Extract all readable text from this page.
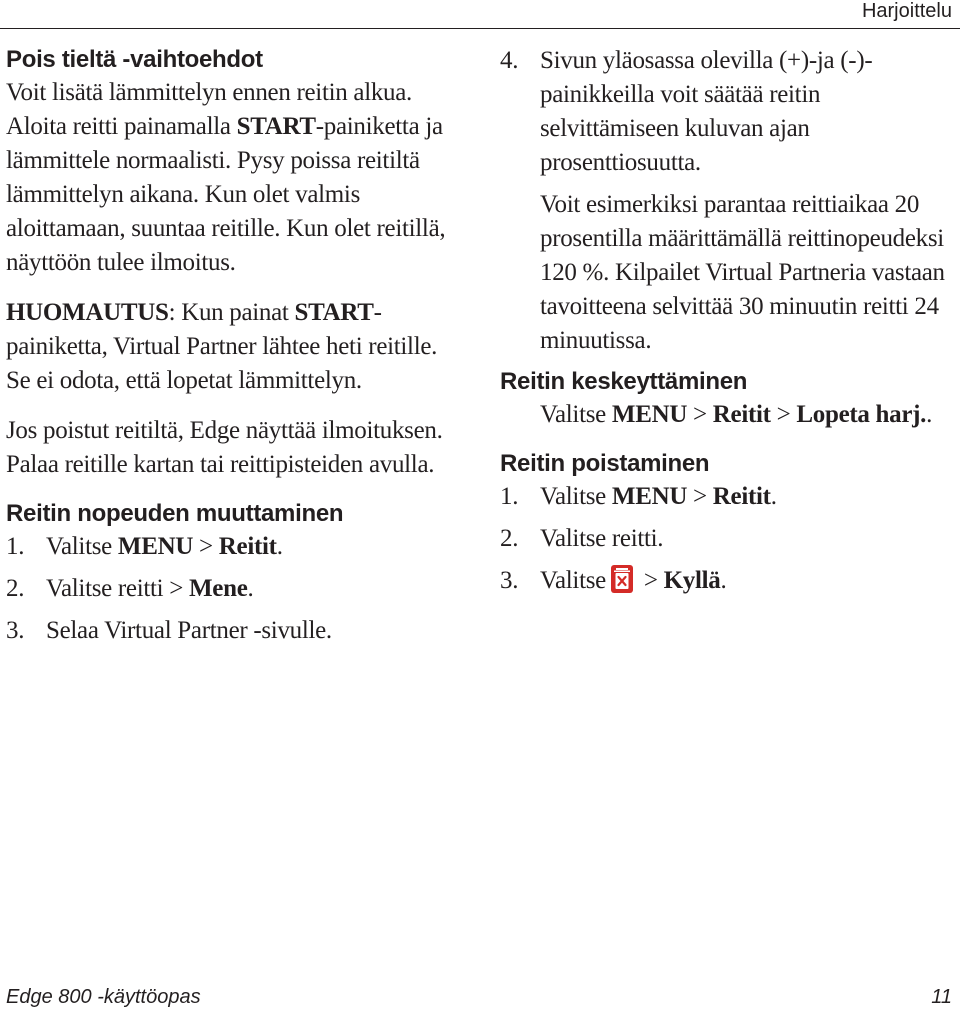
Harjoittelu
Pois tieltä -vaihtoehdot

Voit lisätä lämmittelyn ennen reitin alkua. Aloita reitti painamalla START-painiketta ja lämmittele normaalisti. Pysy poissa reitiltä lämmittelyn aikana. Kun olet valmis aloittamaan, suuntaa reitille. Kun olet reitillä, näyttöön tulee ilmoitus.

HUOMAUTUS: Kun painat START-painiketta, Virtual Partner lähtee heti reitille. Se ei odota, että lopetat lämmittelyn.

Jos poistut reitiltä, Edge näyttää ilmoituksen. Palaa reitille kartan tai reittipisteiden avulla.

Reitin nopeuden muuttaminen
1. Valitse MENU > Reitit.
2. Valitse reitti > Mene.
3. Selaa Virtual Partner -sivulle.
4. Sivun yläosassa olevilla (+)-ja (-)-painikkeilla voit säätää reitin selvittämiseen kuluvan ajan prosenttiosuutta.

Voit esimerkiksi parantaa reittiaikaa 20 prosentilla määrittämällä reittinopeudeksi 120 %. Kilpailet Virtual Partneria vastaan tavoitteena selvittää 30 minuutin reitti 24 minuutissa.

Reitin keskeyttäminen

Valitse MENU > Reitit > Lopeta harj..

Reitin poistaminen
1. Valitse MENU > Reitit.
2. Valitse reitti.
3. Valitse > Kyllä.
Edge 800 -käyttöopas	11
